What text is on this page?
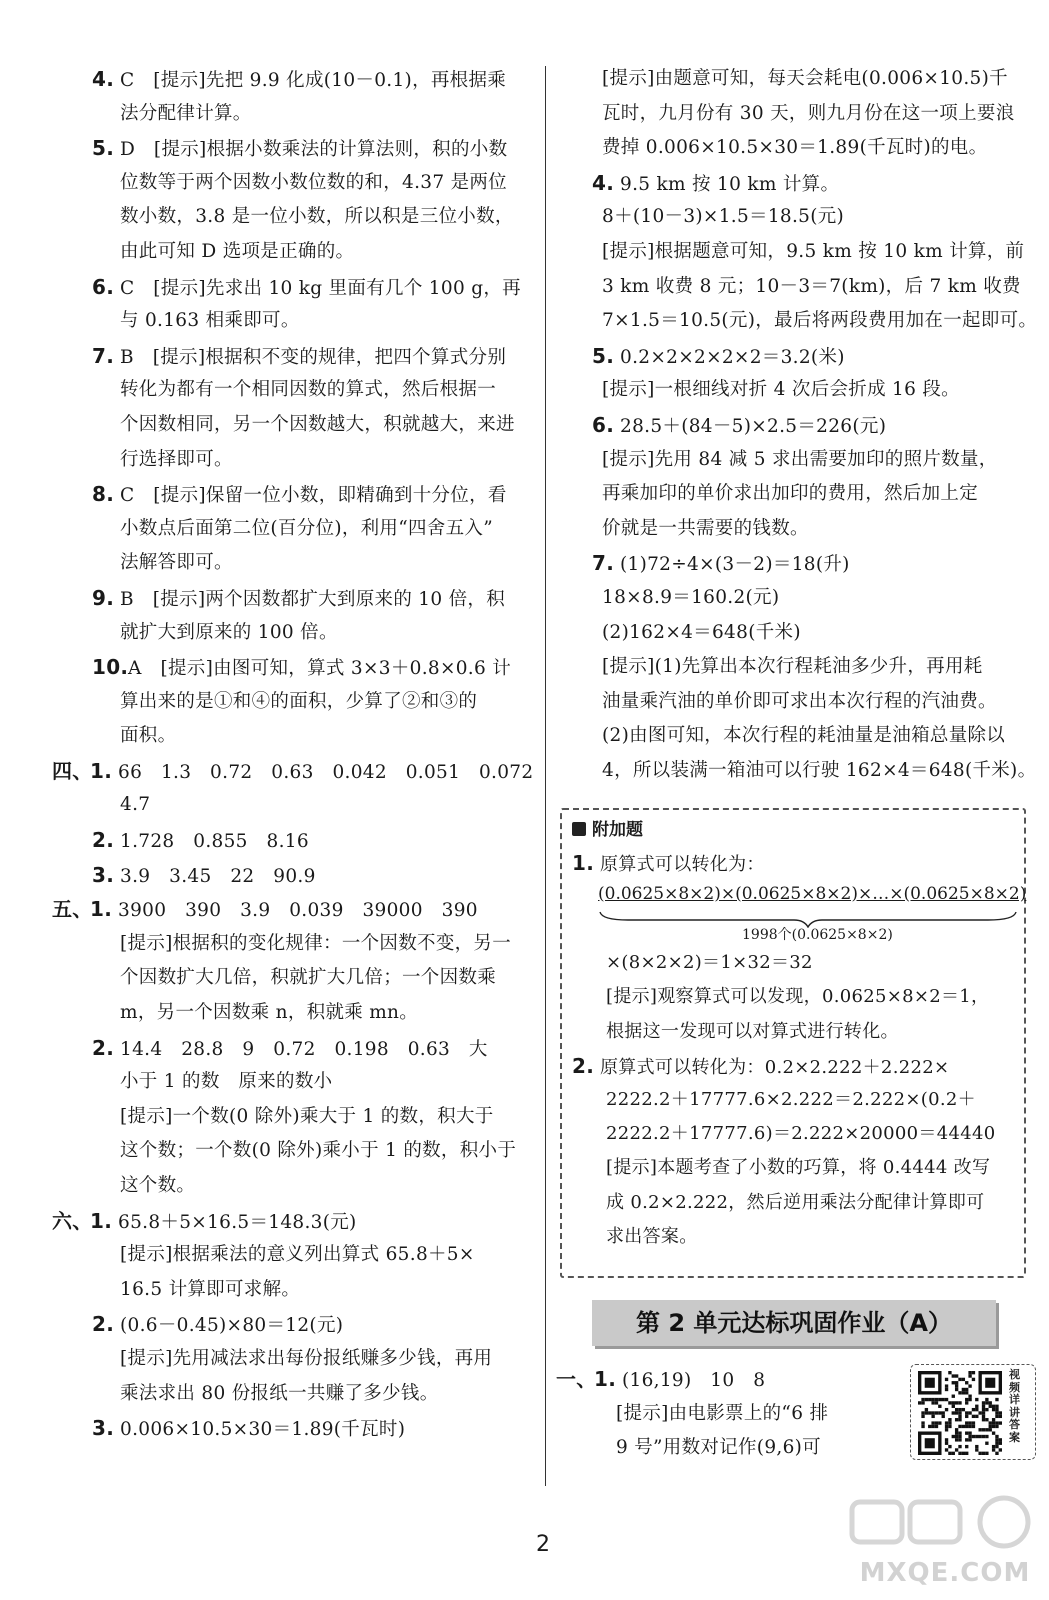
4. C　[提示]先把 9.9 化成(10－0.1)，再根据乘
法分配律计算。
5. D　[提示]根据小数乘法的计算法则，积的小数
位数等于两个因数小数位数的和，4.37 是两位
数小数，3.8 是一位小数，所以积是三位小数，
由此可知 D 选项是正确的。
6. C　[提示]先求出 10 kg 里面有几个 100 g，再
与 0.163 相乘即可。
7. B　[提示]根据积不变的规律，把四个算式分别
转化为都有一个相同因数的算式，然后根据一
个因数相同，另一个因数越大，积就越大，来进
行选择即可。
8. C　[提示]保留一位小数，即精确到十分位，看
小数点后面第二位(百分位)，利用“四舍五入”
法解答即可。
9. B　[提示]两个因数都扩大到原来的 10 倍，积
就扩大到原来的 100 倍。
10.A　[提示]由图可知，算式 3×3＋0.8×0.6 计
算出来的是①和④的面积，少算了②和③的
面积。
四、1. 66　1.3　0.72　0.63　0.042　0.051　0.072
4.7
2. 1.728　0.855　8.16
3. 3.9　3.45　22　90.9
五、1. 3900　390　3.9　0.039　39000　390
[提示]根据积的变化规律：一个因数不变，另一
个因数扩大几倍，积就扩大几倍；一个因数乘
m，另一个因数乘 n，积就乘 mn。
2. 14.4　28.8　9　0.72　0.198　0.63　大
小于 1 的数　原来的数小
[提示]一个数(0 除外)乘大于 1 的数，积大于
这个数；一个数(0 除外)乘小于 1 的数，积小于
这个数。
六、1. 65.8＋5×16.5＝148.3(元)
[提示]根据乘法的意义列出算式 65.8＋5×
16.5 计算即可求解。
2. (0.6－0.45)×80＝12(元)
[提示]先用减法求出每份报纸赚多少钱，再用
乘法求出 80 份报纸一共赚了多少钱。
3. 0.006×10.5×30＝1.89(千瓦时)
[提示]由题意可知，每天会耗电(0.006×10.5)千
瓦时，九月份有 30 天，则九月份在这一项上要浪
费掉 0.006×10.5×30＝1.89(千瓦时)的电。
4. 9.5 km 按 10 km 计算。
8＋(10－3)×1.5＝18.5(元)
[提示]根据题意可知，9.5 km 按 10 km 计算，前
3 km 收费 8 元；10－3＝7(km)，后 7 km 收费
7×1.5＝10.5(元)，最后将两段费用加在一起即可。
5. 0.2×2×2×2×2＝3.2(米)
[提示]一根细线对折 4 次后会折成 16 段。
6. 28.5＋(84－5)×2.5＝226(元)
[提示]先用 84 减 5 求出需要加印的照片数量，
再乘加印的单价求出加印的费用，然后加上定
价就是一共需要的钱数。
7. (1)72÷4×(3－2)＝18(升)
18×8.9＝160.2(元)
(2)162×4＝648(千米)
[提示](1)先算出本次行程耗油多少升，再用耗
油量乘汽油的单价即可求出本次行程的汽油费。
(2)由图可知，本次行程的耗油量是油箱总量除以
4，所以装满一箱油可以行驶 162×4＝648(千米)。
附加题
1. 原算式可以转化为：
(0.0625×8×2)×(0.0625×8×2)×…×(0.0625×8×2)
1998个(0.0625×8×2)
×(8×2×2)＝1×32＝32
[提示]观察算式可以发现，0.0625×8×2＝1，
根据这一发现可以对算式进行转化。
2. 原算式可以转化为：0.2×2.222＋2.222×
2222.2＋17777.6×2.222＝2.222×(0.2＋
2222.2＋17777.6)＝2.222×20000＝44440
[提示]本题考查了小数的巧算，将 0.4444 改写
成 0.2×2.222，然后逆用乘法分配律计算即可
求出答案。
第 2 单元达标巩固作业（A）
一、1. (16,19)　10　8
[提示]由电影票上的“6 排
9 号”用数对记作(9,6)可
视频详讲答案
2
MXQE.COM
